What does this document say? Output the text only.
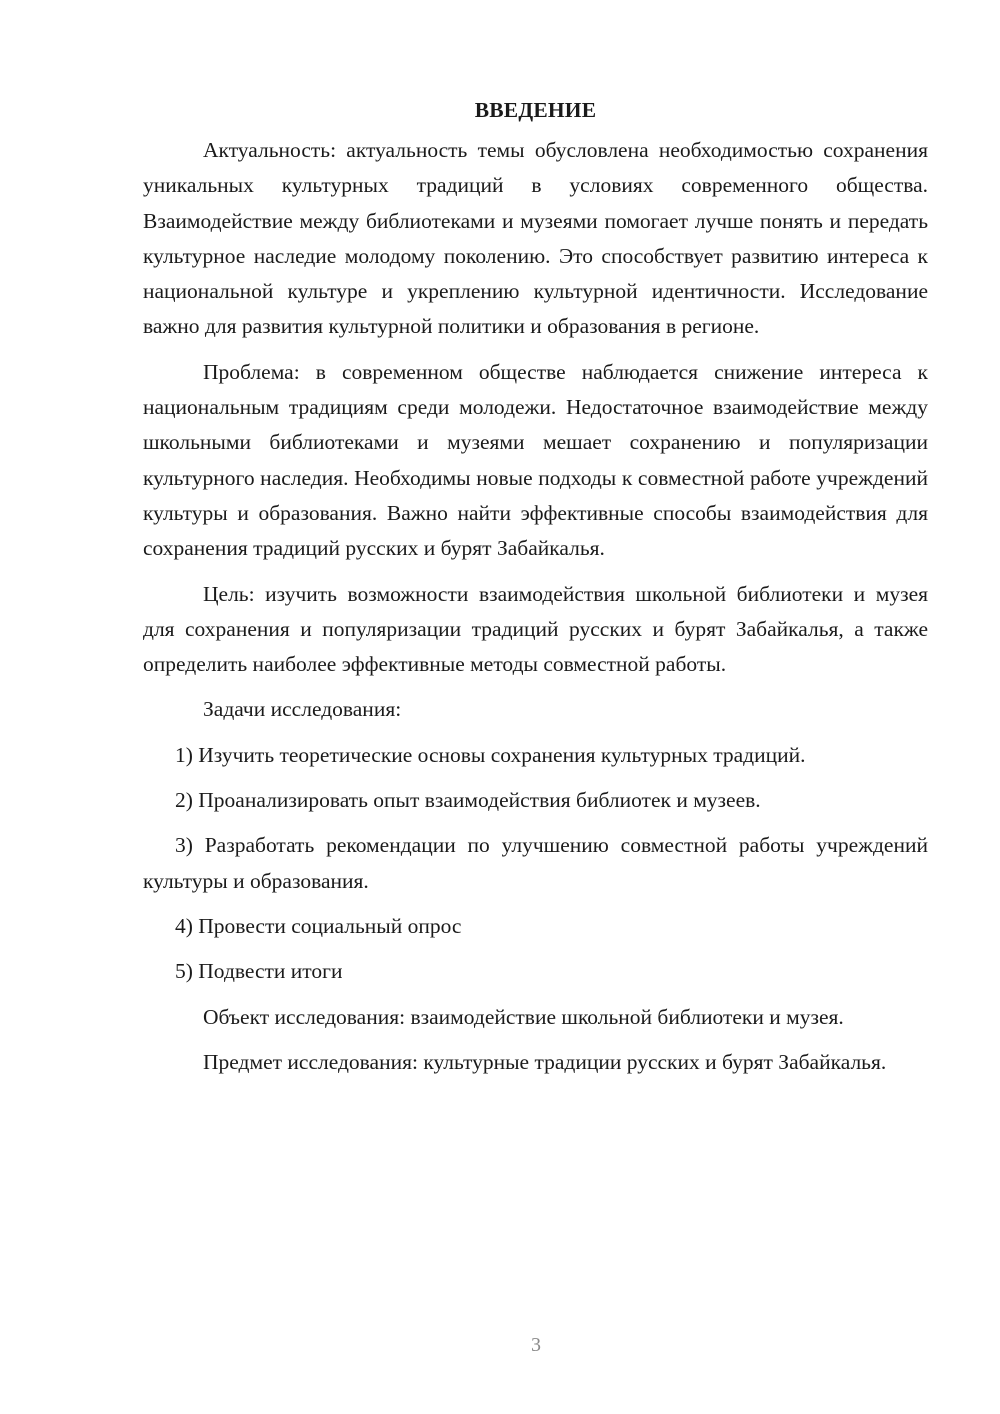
ВВЕДЕНИЕ

Актуальность: актуальность темы обусловлена необходимостью сохранения уникальных культурных традиций в условиях современного общества. Взаимодействие между библиотеками и музеями помогает лучше понять и передать культурное наследие молодому поколению. Это способствует развитию интереса к национальной культуре и укреплению культурной идентичности. Исследование важно для развития культурной политики и образования в регионе.

Проблема: в современном обществе наблюдается снижение интереса к национальным традициям среди молодежи. Недостаточное взаимодействие между школьными библиотеками и музеями мешает сохранению и популяризации культурного наследия. Необходимы новые подходы к совместной работе учреждений культуры и образования. Важно найти эффективные способы взаимодействия для сохранения традиций русских и бурят Забайкалья.

Цель: изучить возможности взаимодействия школьной библиотеки и музея для сохранения и популяризации традиций русских и бурят Забайкалья, а также определить наиболее эффективные методы совместной работы.

Задачи исследования:

1) Изучить теоретические основы сохранения культурных традиций.

2) Проанализировать опыт взаимодействия библиотек и музеев.

3) Разработать рекомендации по улучшению совместной работы учреждений культуры и образования.

4) Провести социальный опрос

5) Подвести итоги

Объект исследования: взаимодействие школьной библиотеки и музея.

Предмет исследования: культурные традиции русских и бурят Забайкалья.

3
